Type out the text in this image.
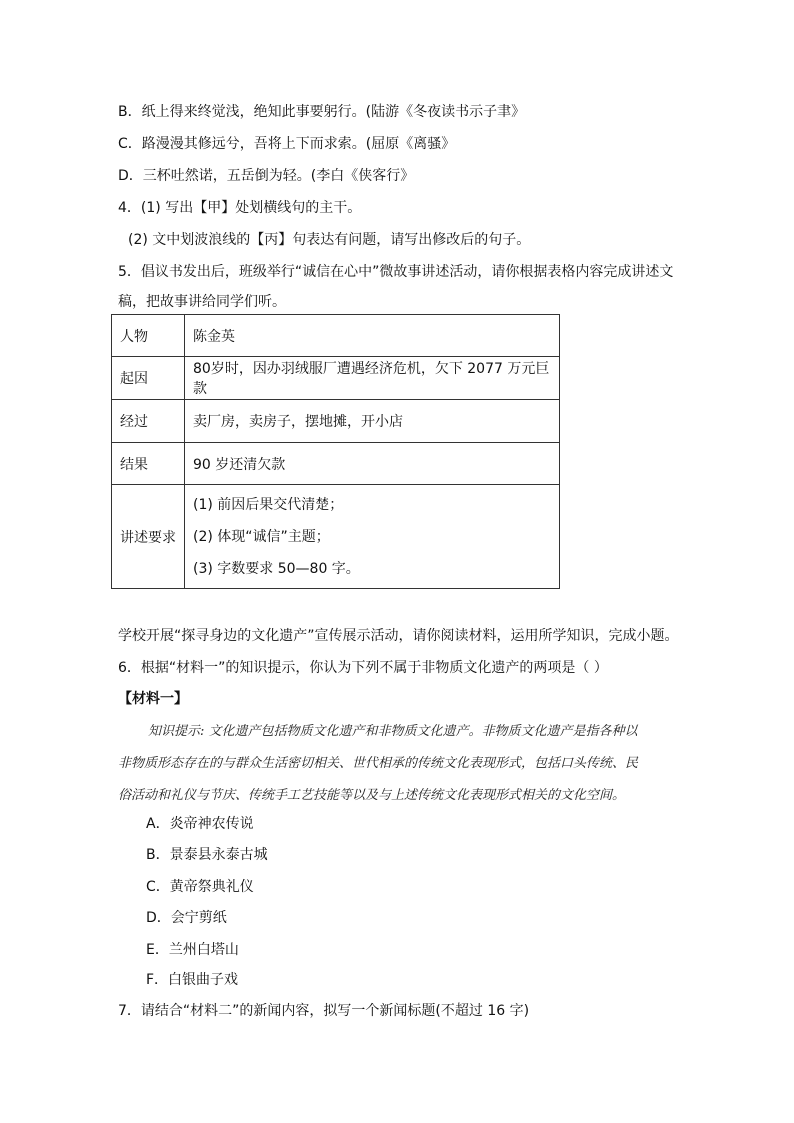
B．纸上得来终觉浅，绝知此事要躬行。(陆游《冬夜读书示子聿》
C．路漫漫其修远兮，吾将上下而求索。(屈原《离骚》
D．三杯吐然诺，五岳倒为轻。(李白《侠客行》
4．(1) 写出【甲】处划横线句的主干。
(2) 文中划波浪线的【丙】句表达有问题，请写出修改后的句子。
5．倡议书发出后，班级举行“诚信在心中”微故事讲述活动，请你根据表格内容完成讲述文
稿，把故事讲给同学们听。
人物	陈金英
起因	80岁时，因办羽绒服厂遭遇经济危机，欠下 2077 万元巨款
经过	卖厂房，卖房子，摆地摊，开小店
结果	90 岁还清欠款
讲述要求	(1) 前因后果交代清楚；
(2) 体现“诚信”主题；
(3) 字数要求 50—80 字。
学校开展“探寻身边的文化遗产”宣传展示活动，请你阅读材料，运用所学知识，完成小题。
6．根据“材料一”的知识提示，你认为下列不属于非物质文化遗产的两项是（ ）
【材料一】
知识提示: 文化遗产包括物质文化遗产和非物质文化遗产。非物质文化遗产是指各种以
非物质形态存在的与群众生活密切相关、世代相承的传统文化表现形式，包括口头传统、民
俗活动和礼仪与节庆、传统手工艺技能等以及与上述传统文化表现形式相关的文化空间。
A．炎帝神农传说
B．景泰县永泰古城
C．黄帝祭典礼仪
D．会宁剪纸
E．兰州白塔山
F．白银曲子戏
7．请结合“材料二”的新闻内容，拟写一个新闻标题(不超过 16 字)
